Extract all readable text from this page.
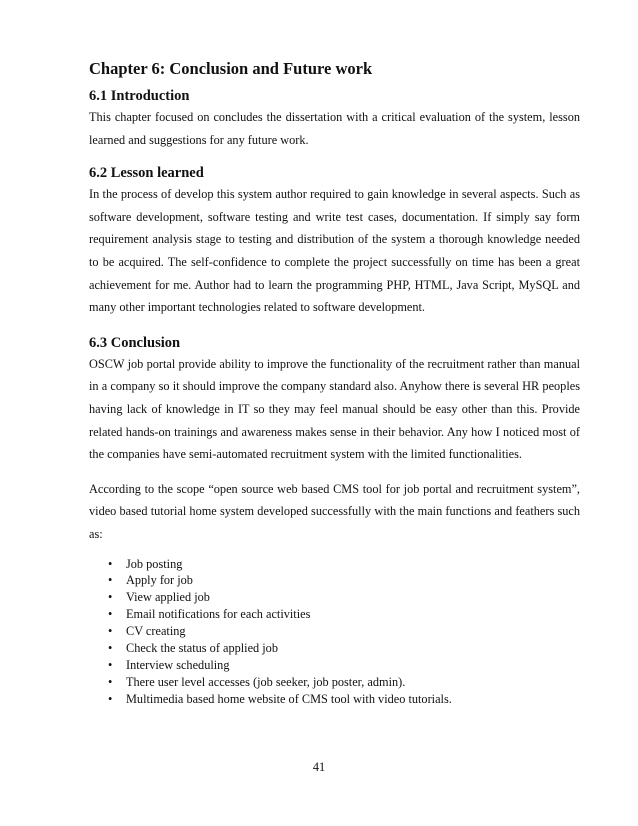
Chapter 6: Conclusion and Future work
6.1 Introduction

This chapter focused on concludes the dissertation with a critical evaluation of the system, lesson learned and suggestions for any future work.

6.2 Lesson learned

In the process of develop this system author required to gain knowledge in several aspects. Such as software development, software testing and write test cases, documentation. If simply say form requirement analysis stage to testing and distribution of the system a thorough knowledge needed to be acquired. The self-confidence to complete the project successfully on time has been a great achievement for me. Author had to learn the programming PHP, HTML, Java Script, MySQL and many other important technologies related to software development.

6.3 Conclusion

OSCW job portal provide ability to improve the functionality of the recruitment rather than manual in a company so it should improve the company standard also. Anyhow there is several HR peoples having lack of knowledge in IT so they may feel manual should be easy other than this. Provide related hands-on trainings and awareness makes sense in their behavior. Any how I noticed most of the companies have semi-automated recruitment system with the limited functionalities.

According to the scope “open source web based CMS tool for job portal and recruitment system”, video based tutorial home system developed successfully with the main functions and feathers such as:

• Job posting
• Apply for job
• View applied job
• Email notifications for each activities
• CV creating
• Check the status of applied job
• Interview scheduling
• There user level accesses (job seeker, job poster, admin).
• Multimedia based home website of CMS tool with video tutorials.
41
